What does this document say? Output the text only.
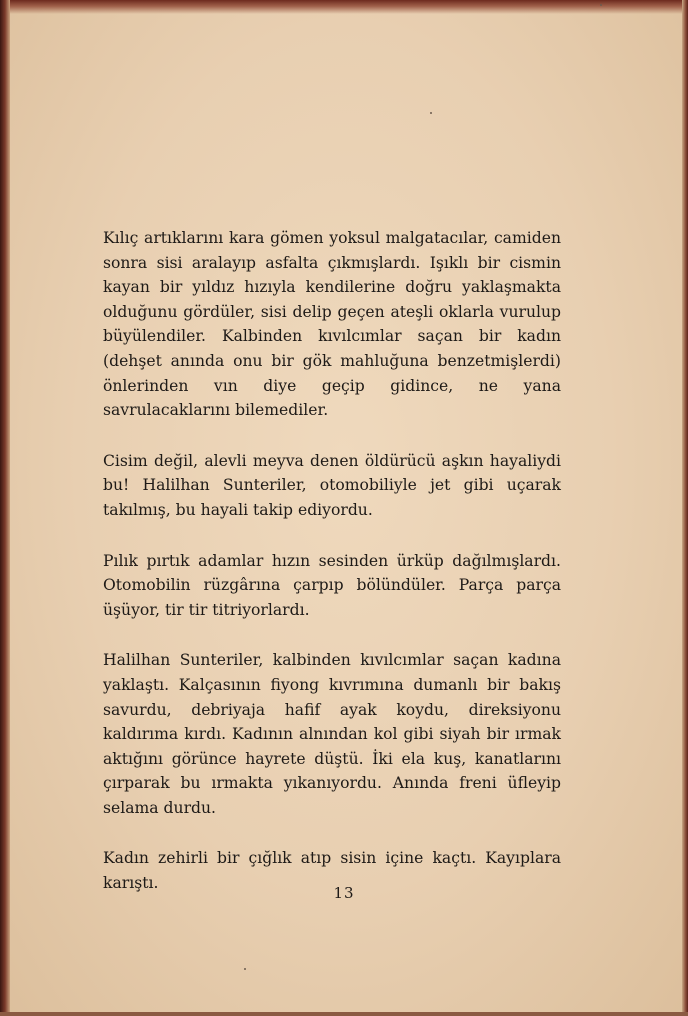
Kılıç artıklarını kara gömen yoksul malgatacılar, camiden sonra sisi aralayıp asfalta çıkmışlardı. Işıklı bir cismin kayan bir yıldız hızıyla kendilerine doğru yaklaşmakta olduğunu gördüler, sisi delip geçen ateşli oklarla vurulup büyülendiler. Kalbinden kıvılcımlar saçan bir kadın (dehşet anında onu bir gök mahluğuna benzetmişlerdi) önlerinden vın diye geçip gidince, ne yana savrulacaklarını bilemediler.

Cisim değil, alevli meyva denen öldürücü aşkın hayaliydi bu! Halilhan Sunteriler, otomobiliyle jet gibi uçarak takılmış, bu hayali takip ediyordu.

Pılık pırtık adamlar hızın sesinden ürküp dağılmışlardı. Otomobilin rüzgârına çarpıp bölündüler. Parça parça üşüyor, tir tir titriyorlardı.

Halilhan Sunteriler, kalbinden kıvılcımlar saçan kadına yaklaştı. Kalçasının fiyong kıvrımına dumanlı bir bakış savurdu, debriyaja hafif ayak koydu, direksiyonu kaldırıma kırdı. Kadının alnından kol gibi siyah bir ırmak aktığını görünce hayrete düştü. İki ela kuş, kanatlarını çırparak bu ırmakta yıkanıyordu. Anında freni üfleyip selama durdu.

Kadın zehirli bir çığlık atıp sisin içine kaçtı. Kayıplara karıştı.

13
